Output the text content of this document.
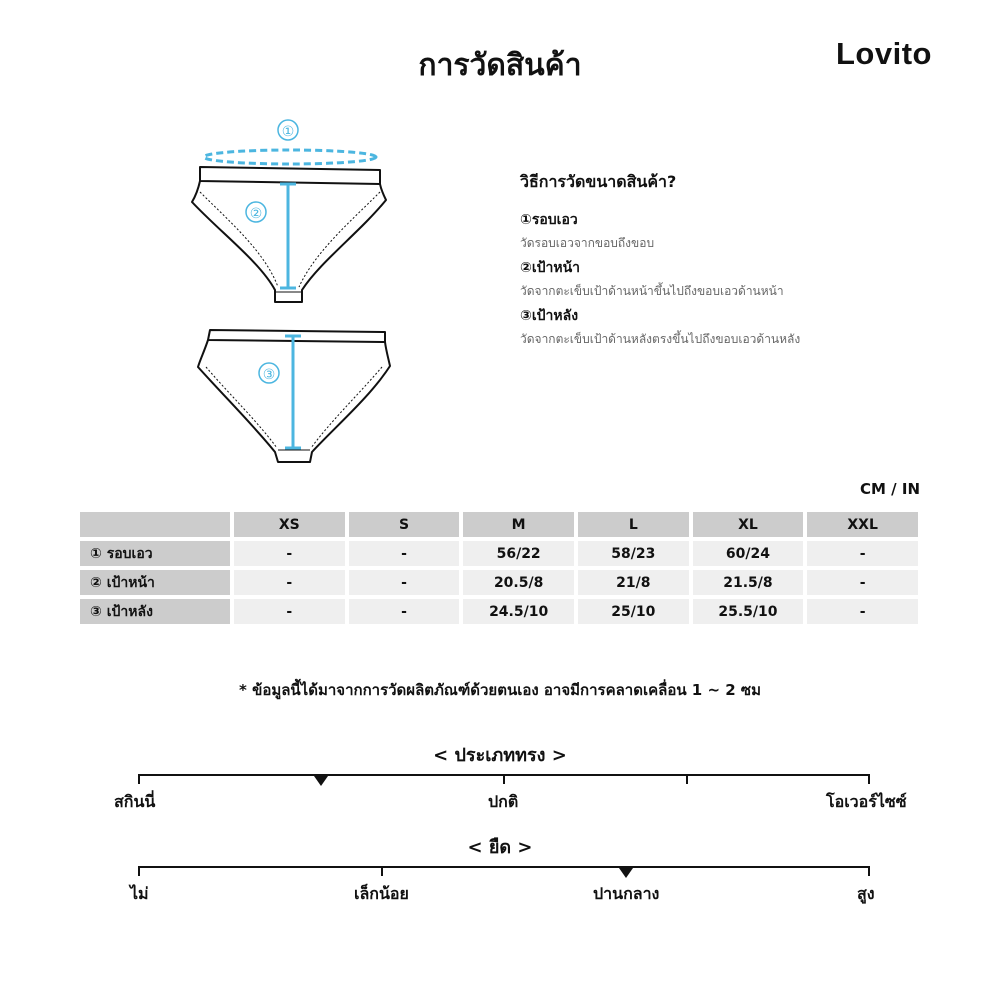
การวัดสินค้า	Lovito
①
②
③
วิธีการวัดขนาดสินค้า?
①รอบเอว
วัดรอบเอวจากขอบถึงขอบ
②เป้าหน้า
วัดจากตะเข็บเป้าด้านหน้าขึ้นไปถึงขอบเอวด้านหน้า
③เป้าหลัง
วัดจากตะเข็บเป้าด้านหลังตรงขึ้นไปถึงขอบเอวด้านหลัง
CM / IN
	XS	S	M	L	XL	XXL
① รอบเอว	-	-	56/22	58/23	60/24	-
② เป้าหน้า	-	-	20.5/8	21/8	21.5/8	-
③ เป้าหลัง	-	-	24.5/10	25/10	25.5/10	-
* ข้อมูลนี้ได้มาจากการวัดผลิตภัณฑ์ด้วยตนเอง อาจมีการคลาดเคลื่อน 1 ~ 2 ซม
< ประเภททรง >
สกินนี่	ปกติ	โอเวอร์ไซซ์
< ยืด >
ไม่	เล็กน้อย	ปานกลาง	สูง
